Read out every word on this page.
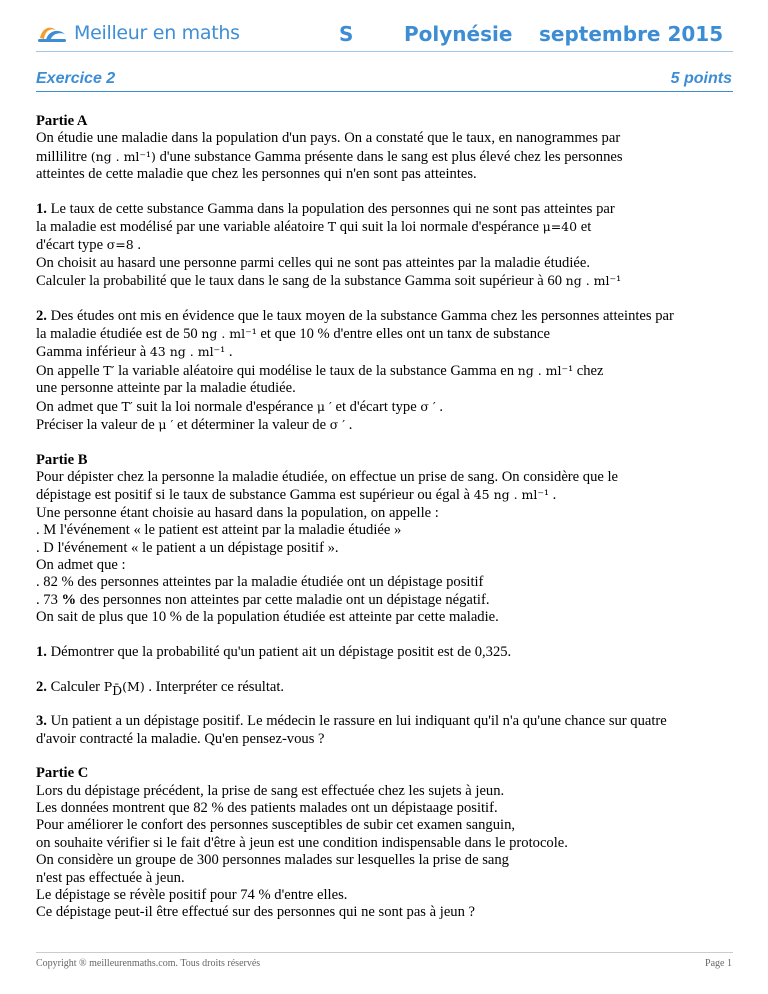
Meilleur en maths	S	Polynésie septembre 2015
Exercice 2	5 points

Partie A

On étudie une maladie dans la population d'un pays. On a constaté que le taux, en nanogrammes par

millilitre (ng . ml⁻¹) d'une substance Gamma présente dans le sang est plus élevé chez les personnes

atteintes de cette maladie que chez les personnes qui n'en sont pas atteintes.

1. Le taux de cette substance Gamma dans la population des personnes qui ne sont pas atteintes par

la maladie est modélisé par une variable aléatoire T qui suit la loi normale d'espérance μ=40 et

d'écart type σ=8 .

On choisit au hasard une personne parmi celles qui ne sont pas atteintes par la maladie étudiée.

Calculer la probabilité que le taux dans le sang de la substance Gamma soit supérieur à 60 ng . ml⁻¹

2. Des études ont mis en évidence que le taux moyen de la substance Gamma chez les personnes atteintes par

la maladie étudiée est de 50 ng . ml⁻¹ et que 10 % d'entre elles ont un tanx de substance

Gamma inférieur à 43 ng . ml⁻¹ .

On appelle T′ la variable aléatoire qui modélise le taux de la substance Gamma en ng . ml⁻¹ chez

une personne atteinte par la maladie étudiée.

On admet que T′ suit la loi normale d'espérance μ ′ et d'écart type σ ′ .

Préciser la valeur de μ ′ et déterminer la valeur de σ ′ .

Partie B

Pour dépister chez la personne la maladie étudiée, on effectue un prise de sang. On considère que le

dépistage est positif si le taux de substance Gamma est supérieur ou égal à 45 ng . ml⁻¹ .

Une personne étant choisie au hasard dans la population, on appelle :

. M l'événement « le patient est atteint par la maladie étudiée »

. D l'événement « le patient a un dépistage positif ».

On admet que :

. 82 % des personnes atteintes par la maladie étudiée ont un dépistage positif

. 73 % des personnes non atteintes par cette maladie ont un dépistage négatif.

On sait de plus que 10 % de la population étudiée est atteinte par cette maladie.

1. Démontrer que la probabilité qu'un patient ait un dépistage positit est de 0,325.

2. Calculer $P_{D̄}(M)$ . Interpréter ce résultat.

3. Un patient a un dépistage positif. Le médecin le rassure en lui indiquant qu'il n'a qu'une chance sur quatre

d'avoir contracté la maladie. Qu'en pensez-vous ?

Partie C

Lors du dépistage précédent, la prise de sang est effectuée chez les sujets à jeun.

Les données montrent que 82 % des patients malades ont un dépistaage positif.

Pour améliorer le confort des personnes susceptibles de subir cet examen sanguin,

on souhaite vérifier si le fait d'être à jeun est une condition indispensable dans le protocole.

On considère un groupe de 300 personnes malades sur lesquelles la prise de sang

n'est pas effectuée à jeun.

Le dépistage se révèle positif pour 74 % d'entre elles.

Ce dépistage peut-il être effectué sur des personnes qui ne sont pas à jeun ?

Copyright ® meilleurenmaths.com. Tous droits réservés	Page 1
